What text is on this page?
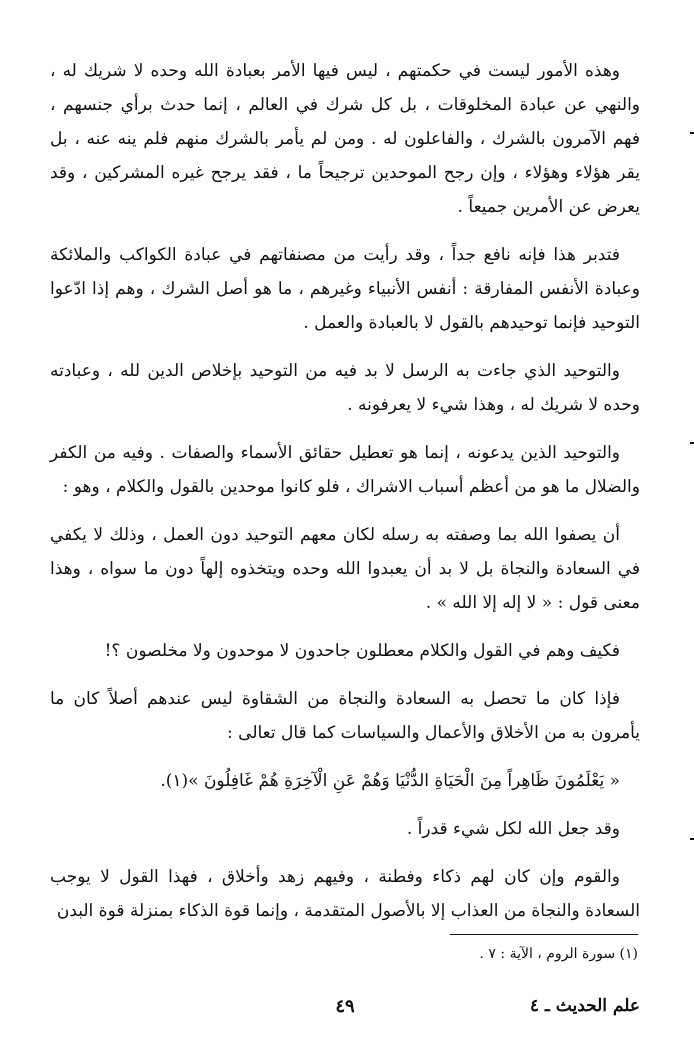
وهذه الأمور ليست في حكمتهم ، ليس فيها الأمر بعبادة الله وحده لا شريك له ، والنهي عن عبادة المخلوقات ، بل كل شرك في العالم ، إنما حدث برأي جنسهم ، فهم الآمرون بالشرك ، والفاعلون له . ومن لم يأمر بالشرك منهم فلم ينه عنه ، بل يقر هؤلاء وهؤلاء ، وإن رجح الموحدين ترجيحاً ما ، فقد يرجح غيره المشركين ، وقد يعرض عن الأمرين جميعاً .

فتدبر هذا فإنه نافع جداً ، وقد رأيت من مصنفاتهم في عبادة الكواكب والملائكة وعبادة الأنفس المفارقة : أنفس الأنبياء وغيرهم ، ما هو أصل الشرك ، وهم إذا ادّعوا التوحيد فإنما توحيدهم بالقول لا بالعبادة والعمل .

والتوحيد الذي جاءت به الرسل لا بد فيه من التوحيد بإخلاص الدين لله ، وعبادته وحده لا شريك له ، وهذا شيء لا يعرفونه .

والتوحيد الذين يدعونه ، إنما هو تعطيل حقائق الأسماء والصفات . وفيه من الكفر والضلال ما هو من أعظم أسباب الاشراك ، فلو كانوا موحدين بالقول والكلام ، وهو :

أن يصفوا الله بما وصفته به رسله لكان معهم التوحيد دون العمل ، وذلك لا يكفي في السعادة والنجاة بل لا بد أن يعبدوا الله وحده ويتخذوه إلهاً دون ما سواه ، وهذا معنى قول : « لا إله إلا الله » .

فكيف وهم في القول والكلام معطلون جاحدون لا موحدون ولا مخلصون ؟!

فإذا كان ما تحصل به السعادة والنجاة من الشقاوة ليس عندهم أصلاً كان ما يأمرون به من الأخلاق والأعمال والسياسات كما قال تعالى :

« يَعْلَمُونَ ظَاهِراً مِنَ الْحَيَاةِ الدُّنْيَا وَهُمْ عَنِ الْآخِرَةِ هُمْ غَافِلُونَ »(١).

وقد جعل الله لكل شيء قدراً .

والقوم وإن كان لهم ذكاء وفطنة ، وفيهم زهد وأخلاق ، فهذا القول لا يوجب السعادة والنجاة من العذاب إلا بالأصول المتقدمة ، وإنما قوة الذكاء بمنزلة قوة البدن

(١) سورة الروم ، الآية : ٧ .
علم الحديث ـ ٤
٤٩
